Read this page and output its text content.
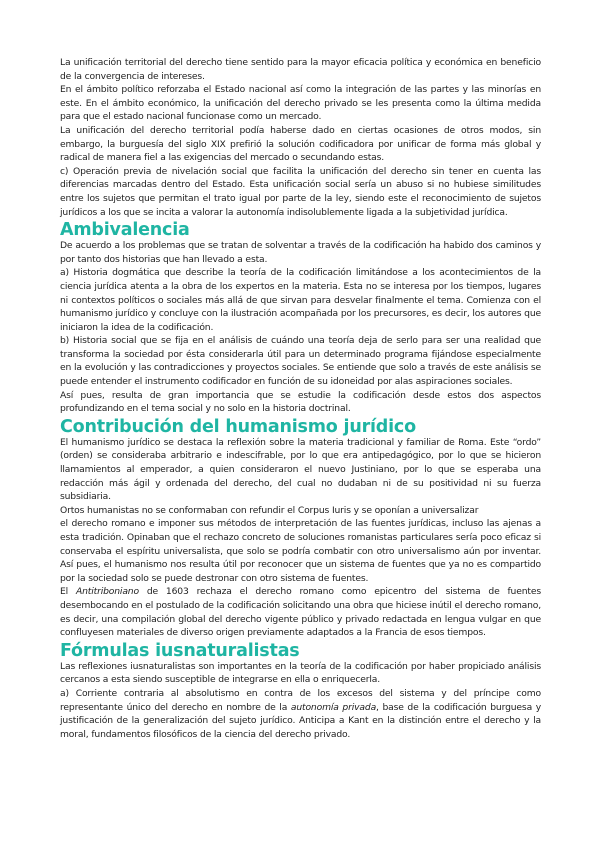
La unificación territorial del derecho tiene sentido para la mayor eficacia política y económica en beneficio de la convergencia de intereses.

En el ámbito político reforzaba el Estado nacional así como la integración de las partes y las minorías en este. En el ámbito económico, la unificación del derecho privado se les presenta como la última medida para que el estado nacional funcionase como un mercado.

La unificación del derecho territorial podía haberse dado en ciertas ocasiones de otros modos, sin embargo, la burguesía del siglo XIX prefirió la solución codificadora por unificar de forma más global y radical de manera fiel a las exigencias del mercado o secundando estas.

c) Operación previa de nivelación social que facilita la unificación del derecho sin tener en cuenta las diferencias marcadas dentro del Estado. Esta unificación social sería un abuso si no hubiese similitudes entre los sujetos que permitan el trato igual por parte de la ley, siendo este el reconocimiento de sujetos jurídicos a los que se incita a valorar la autonomía indisolublemente ligada a la subjetividad jurídica.

Ambivalencia

De acuerdo a los problemas que se tratan de solventar a través de la codificación ha habido dos caminos y por tanto dos historias que han llevado a esta.

a) Historia dogmática que describe la teoría de la codificación limitándose a los acontecimientos de la ciencia jurídica atenta a la obra de los expertos en la materia. Esta no se interesa por los tiempos, lugares ni contextos políticos o sociales más allá de que sirvan para desvelar finalmente el tema. Comienza con el humanismo jurídico y concluye con la ilustración acompañada por los precursores, es decir, los autores que iniciaron la idea de la codificación.

b) Historia social que se fija en el análisis de cuándo una teoría deja de serlo para ser una realidad que transforma la sociedad por ésta considerarla útil para un determinado programa fijándose especialmente en la evolución y las contradicciones y proyectos sociales. Se entiende que solo a través de este análisis se puede entender el instrumento codificador en función de su idoneidad por alas aspiraciones sociales.

Así pues, resulta de gran importancia que se estudie la codificación desde estos dos aspectos profundizando en el tema social y no solo en la historia doctrinal.

Contribución del humanismo jurídico

El humanismo jurídico se destaca la reflexión sobre la materia tradicional y familiar de Roma. Este “ordo” (orden) se consideraba arbitrario e indescifrable, por lo que era antipedagógico, por lo que se hicieron llamamientos al emperador, a quien consideraron el nuevo Justiniano, por lo que se esperaba una redacción más ágil y ordenada del derecho, del cual no dudaban ni de su positividad ni su fuerza subsidiaria.

Ortos humanistas no se conformaban con refundir el Corpus Iuris y se oponían a universalizar

el derecho romano e imponer sus métodos de interpretación de las fuentes jurídicas, incluso las ajenas a esta tradición. Opinaban que el rechazo concreto de soluciones romanistas particulares sería poco eficaz si conservaba el espíritu universalista, que solo se podría combatir con otro universalismo aún por inventar. Así pues, el humanismo nos resulta útil por reconocer que un sistema de fuentes que ya no es compartido por la sociedad solo se puede destronar con otro sistema de fuentes.

El Antitriboniano de 1603 rechaza el derecho romano como epicentro del sistema de fuentes desembocando en el postulado de la codificación solicitando una obra que hiciese inútil el derecho romano, es decir, una compilación global del derecho vigente público y privado redactada en lengua vulgar en que confluyesen materiales de diverso origen previamente adaptados a la Francia de esos tiempos.

Fórmulas iusnaturalistas

Las reflexiones iusnaturalistas son importantes en la teoría de la codificación por haber propiciado análisis cercanos a esta siendo susceptible de integrarse en ella o enriquecerla.

a) Corriente contraria al absolutismo en contra de los excesos del sistema y del príncipe como representante único del derecho en nombre de la autonomía privada, base de la codificación burguesa y justificación de la generalización del sujeto jurídico. Anticipa a Kant en la distinción entre el derecho y la moral, fundamentos filosóficos de la ciencia del derecho privado.
